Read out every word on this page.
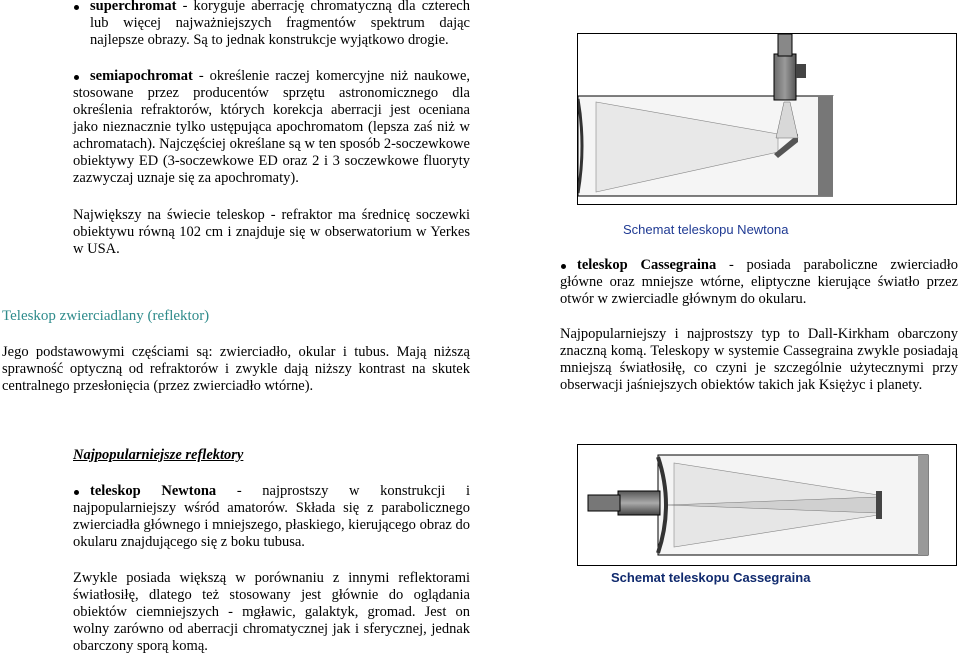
superchromat - koryguje aberrację chromatyczną dla czterech lub więcej najważniejszych fragmentów spektrum dając najlepsze obrazy. Są to jednak konstrukcje wyjątkowo drogie.
semiapochromat - określenie raczej komercyjne niż naukowe, stosowane przez producentów sprzętu astronomicznego dla określenia refraktorów, których korekcja aberracji jest oceniana jako nieznacznie tylko ustępująca apochromatom (lepsza zaś niż w achromatach). Najczęściej określane są w ten sposób 2-soczewkowe obiektywy ED (3-soczewkowe ED oraz 2 i 3 soczewkowe fluoryty zazwyczaj uznaje się za apochromaty).
Największy na świecie teleskop - refraktor ma średnicę soczewki obiektywu równą 102 cm i znajduje się w obserwatorium w Yerkes w USA.
Teleskop zwierciadlany (reflektor)
Jego podstawowymi częściami są: zwierciadło, okular i tubus. Mają niższą sprawność optyczną od refraktorów i zwykle dają niższy kontrast na skutek centralnego przesłonięcia (przez zwierciadło wtórne).
Najpopularniejsze reflektory
teleskop Newtona - najprostszy w konstrukcji i najpopularniejszy wśród amatorów. Składa się z parabolicznego zwierciadła głównego i mniejszego, płaskiego, kierującego obraz do okularu znajdującego się z boku tubusa.
Zwykle posiada większą w porównaniu z innymi reflektorami światłosiłę, dlatego też stosowany jest głównie do oglądania obiektów ciemniejszych - mgławic, galaktyk, gromad. Jest on wolny zarówno od aberracji chromatycznej jak i sferycznej, jednak obarczony sporą komą.
Schemat teleskopu Newtona
teleskop Cassegraina - posiada paraboliczne zwierciadło główne oraz mniejsze wtórne, eliptyczne kierujące światło przez otwór w zwierciadle głównym do okularu.
Najpopularniejszy i najprostszy typ to Dall-Kirkham obarczony znaczną komą. Teleskopy w systemie Cassegraina zwykle posiadają mniejszą światłosiłę, co czyni je szczególnie użytecznymi przy obserwacji jaśniejszych obiektów takich jak Księżyc i planety.
Schemat teleskopu Cassegraina
